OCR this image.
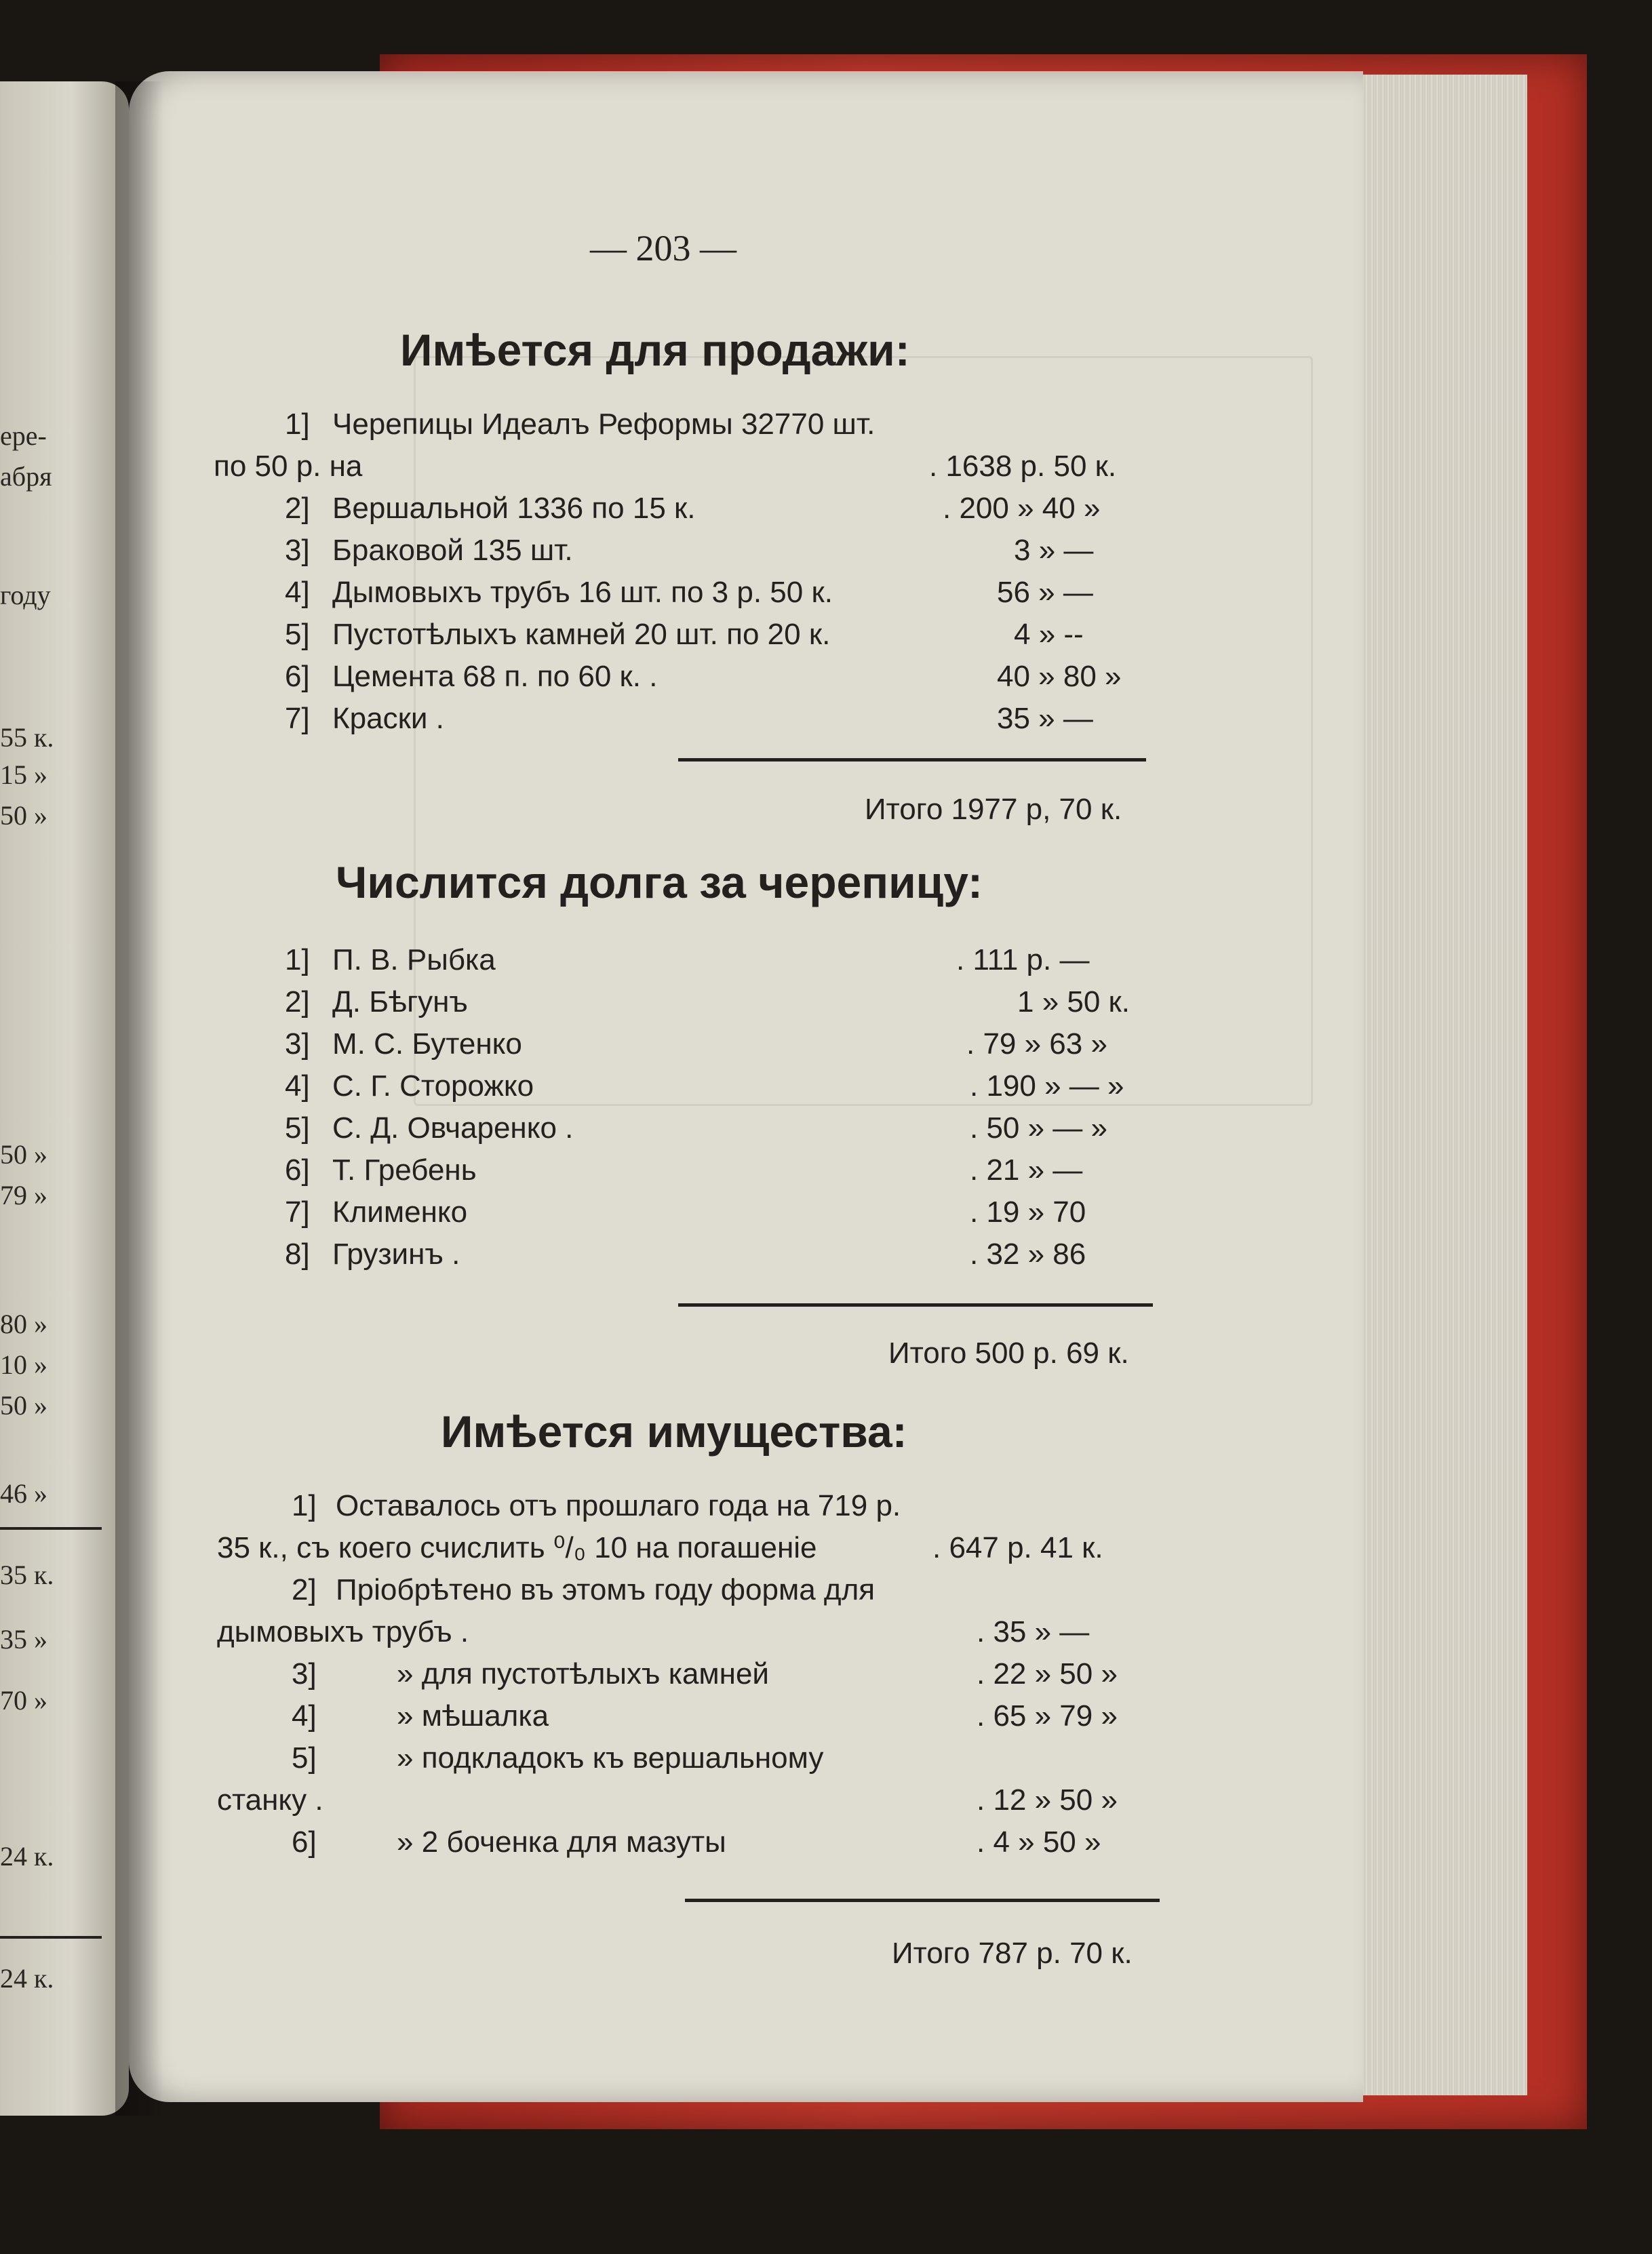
ере-
абря
году
55 к.
15 »
50 »
50 »
79 »
80 »
10 »
50 »
46 »
35 к.
35 »
70 »
24 к.
24 к.
— 203 —
Имѣется для продажи:
1] Черепицы Идеалъ Реформы 32770 шт.
по 50 р. на	. 1638 р. 50 к.
2] Вершальной 1336 по 15 к.	. 200 » 40 »
3] Браковой 135 шт.	3 » —
4] Дымовыхъ трубъ 16 шт. по 3 р. 50 к.	56 » —
5] Пустотѣлыхъ камней 20 шт. по 20 к.	4 » --
6] Цемента 68 п. по 60 к. .	40 » 80 »
7] Краски .	35 » —
Итого 1977 р, 70 к.
Числится долга за черепицу:
1] П. В. Рыбка	. 111 р. —
2] Д. Бѣгунъ	1 » 50 к.
3] М. С. Бутенко	. 79 » 63 »
4] С. Г. Сторожко	. 190 » — »
5] С. Д. Овчаренко .	. 50 » — »
6] Т. Гребень	. 21 » —
7] Клименко	. 19 » 70
8] Грузинъ .	. 32 » 86
Итого 500 р. 69 к.
Имѣется имущества:
1] Оставалось отъ прошлаго года на 719 р.
35 к., съ коего счислить ⁰/₀ 10 на погашеніе	. 647 р. 41 к.
2] Пріобрѣтено въ этомъ году форма для
дымовыхъ трубъ .	. 35 » —
3]	» для пустотѣлыхъ камней	. 22 » 50 »
4]	» мѣшалка	. 65 » 79 »
5]	» подкладокъ къ вершальному
станку .	. 12 » 50 »
6]	» 2 боченка для мазуты	. 4 » 50 »
Итого 787 р. 70 к.
